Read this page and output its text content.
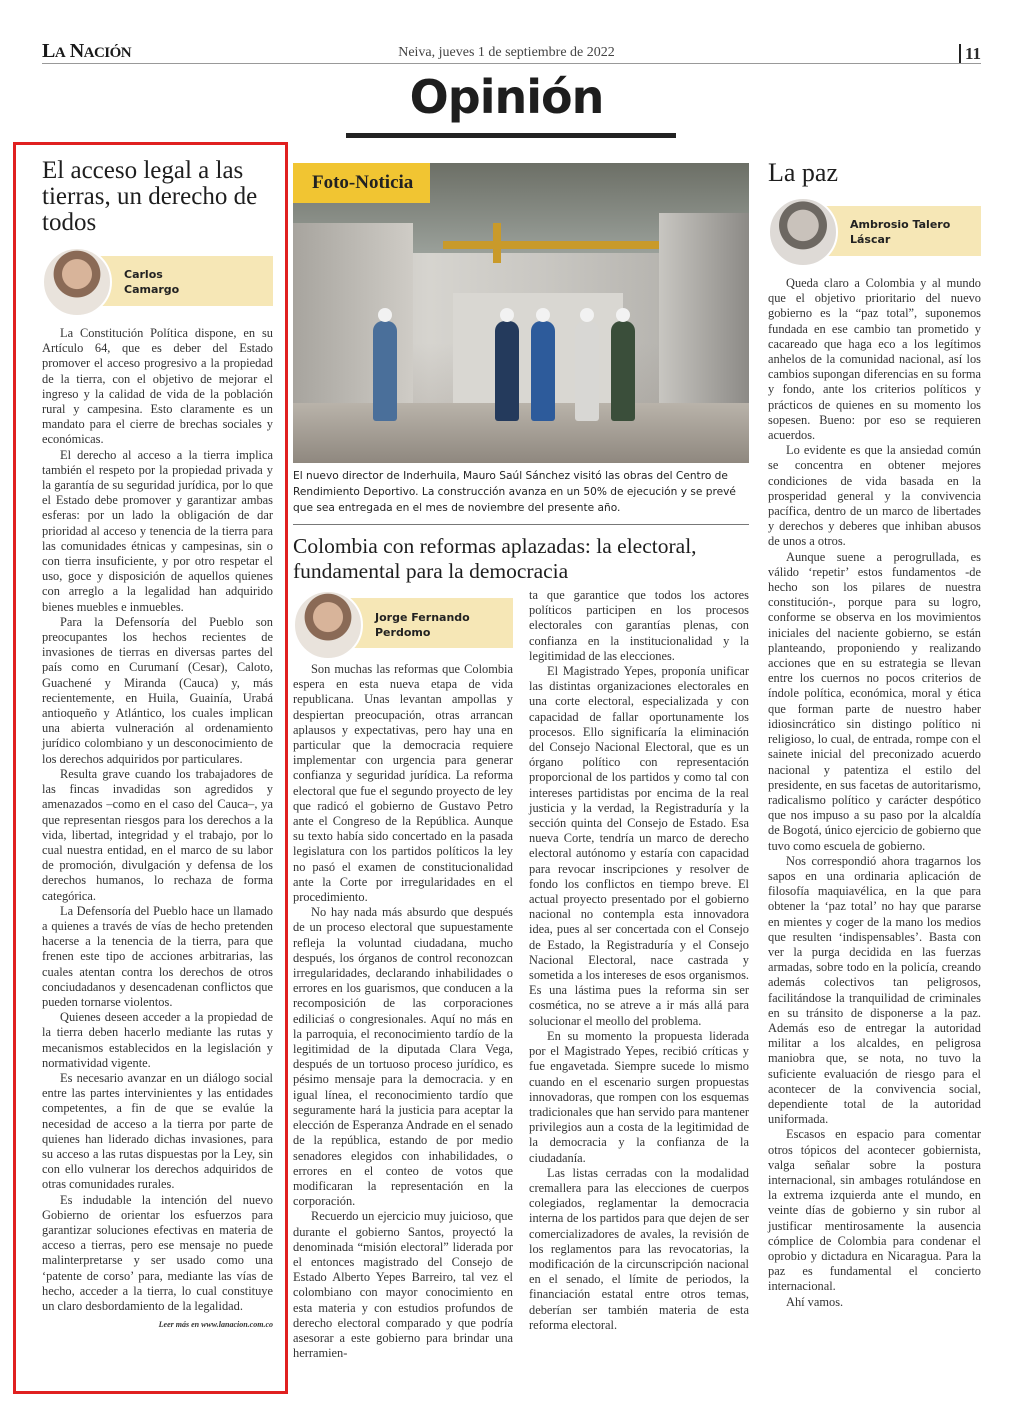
LA NACIÓN	Neiva, jueves 1 de septiembre de 2022	11
Opinión
El acceso legal a las tierras, un derecho de todos
Carlos
Camargo

La Constitución Política dispone, en su Artículo 64, que es deber del Estado promover el acceso progresivo a la propiedad de la tierra, con el objetivo de mejorar el ingreso y la calidad de vida de la población rural y campesina. Esto claramente es un mandato para el cierre de brechas sociales y económicas.

El derecho al acceso a la tierra implica también el respeto por la propiedad privada y la garantía de su seguridad jurídica, por lo que el Estado debe promover y garantizar ambas esferas: por un lado la obligación de dar prioridad al acceso y tenencia de la tierra para las comunidades étnicas y campesinas, sin o con tierra insuficiente, y por otro respetar el uso, goce y disposición de aquellos quienes con arreglo a la legalidad han adquirido bienes muebles e inmuebles.

Para la Defensoría del Pueblo son preocupantes los hechos recientes de invasiones de tierras en diversas partes del país como en Curumaní (Cesar), Caloto, Guachené y Miranda (Cauca) y, más recientemente, en Huila, Guainía, Urabá antioqueño y Atlántico, los cuales implican una abierta vulneración al ordenamiento jurídico colombiano y un desconocimiento de los derechos adquiridos por particulares.

Resulta grave cuando los trabajadores de las fincas invadidas son agredidos y amenazados –como en el caso del Cauca–, ya que representan riesgos para los derechos a la vida, libertad, integridad y el trabajo, por lo cual nuestra entidad, en el marco de su labor de promoción, divulgación y defensa de los derechos humanos, lo rechaza de forma categórica.

La Defensoría del Pueblo hace un llamado a quienes a través de vías de hecho pretenden hacerse a la tenencia de la tierra, para que frenen este tipo de acciones arbitrarias, las cuales atentan contra los derechos de otros conciudadanos y desencadenan conflictos que pueden tornarse violentos.

Quienes deseen acceder a la propiedad de la tierra deben hacerlo mediante las rutas y mecanismos establecidos en la legislación y normatividad vigente.

Es necesario avanzar en un diálogo social entre las partes intervinientes y las entidades competentes, a fin de que se evalúe la necesidad de acceso a la tierra por parte de quienes han liderado dichas invasiones, para su acceso a las rutas dispuestas por la Ley, sin con ello vulnerar los derechos adquiridos de otras comunidades rurales.

Es indudable la intención del nuevo Gobierno de orientar los esfuerzos para garantizar soluciones efectivas en materia de acceso a tierras, pero ese mensaje no puede malinterpretarse y ser usado como una ‘patente de corso’ para, mediante las vías de hecho, acceder a la tierra, lo cual constituye un claro desbordamiento de la legalidad.

Leer más en www.lanacion.com.co
Foto-Noticia
El nuevo director de Inderhuila, Mauro Saúl Sánchez visitó las obras del Centro de Rendimiento Deportivo. La construcción avanza en un 50% de ejecución y se prevé que sea entregada en el mes de noviembre del presente año.
Colombia con reformas aplazadas: la electoral, fundamental para la democracia
Jorge Fernando
Perdomo

Son muchas las reformas que Colombia espera en esta nueva etapa de vida republicana. Unas levantan ampollas y despiertan preocupación, otras arrancan aplausos y expectativas, pero hay una en particular que la democracia requiere implementar con urgencia para generar confianza y seguridad jurídica. La reforma electoral que fue el segundo proyecto de ley que radicó el gobierno de Gustavo Petro ante el Congreso de la República. Aunque su texto había sido concertado en la pasada legislatura con los partidos políticos la ley no pasó el examen de constitucionalidad ante la Corte por irregularidades en el procedimiento.

No hay nada más absurdo que después de un proceso electoral que supuestamente refleja la voluntad ciudadana, mucho después, los órganos de control reconozcan irregularidades, declarando inhabilidades o errores en los guarismos, que conducen a la recomposición de las corporaciones ediliciaś o congresionales. Aquí no más en la parroquia, el reconocimiento tardío de la legitimidad de la diputada Clara Vega, después de un tortuoso proceso jurídico, es pésimo mensaje para la democracia. y en igual línea, el reconocimiento tardío que seguramente hará la justicia para aceptar la elección de Esperanza Andrade en el senado de la república, estando de por medio senadores elegidos con inhabilidades, o errores en el conteo de votos que modificaran la representación en la corporación.

Recuerdo un ejercicio muy juicioso, que durante el gobierno Santos, proyectó la denominada “misión electoral” liderada por el entonces magistrado del Consejo de Estado Alberto Yepes Barreiro, tal vez el colombiano con mayor conocimiento en esta materia y con estudios profundos de derecho electoral comparado y que podría asesorar a este gobierno para brindar una herramien-

ta que garantice que todos los actores políticos participen en los procesos electorales con garantías plenas, con confianza en la institucionalidad y la legitimidad de las elecciones.

El Magistrado Yepes, proponía unificar las distintas organizaciones electorales en una corte electoral, especializada y con capacidad de fallar oportunamente los procesos. Ello significaría la eliminación del Consejo Nacional Electoral, que es un órgano político con representación proporcional de los partidos y como tal con intereses partidistas por encima de la real justicia y la verdad, la Registraduría y la sección quinta del Consejo de Estado. Esa nueva Corte, tendría un marco de derecho electoral autónomo y estaría con capacidad para revocar inscripciones y resolver de fondo los conflictos en tiempo breve. El actual proyecto presentado por el gobierno nacional no contempla esta innovadora idea, pues al ser concertada con el Consejo de Estado, la Registraduría y el Consejo Nacional Electoral, nace castrada y sometida a los intereses de esos organismos. Es una lástima pues la reforma sin ser cosmética, no se atreve a ir más allá para solucionar el meollo del problema.

En su momento la propuesta liderada por el Magistrado Yepes, recibió críticas y fue engavetada. Siempre sucede lo mismo cuando en el escenario surgen propuestas innovadoras, que rompen con los esquemas tradicionales que han servido para mantener privilegios aun a costa de la legitimidad de la democracia y la confianza de la ciudadanía.

Las listas cerradas con la modalidad cremallera para las elecciones de cuerpos colegiados, reglamentar la democracia interna de los partidos para que dejen de ser comercializadores de avales, la revisión de los reglamentos para las revocatorias, la modificación de la circunscripción nacional en el senado, el límite de periodos, la financiación estatal entre otros temas, deberían ser también materia de esta reforma electoral.

La paz
Ambrosio Talero
Láscar

Queda claro a Colombia y al mundo que el objetivo prioritario del nuevo gobierno es la “paz total”, suponemos fundada en ese cambio tan prometido y cacareado que haga eco a los legítimos anhelos de la comunidad nacional, así los cambios supongan diferencias en su forma y fondo, ante los criterios políticos y prácticos de quienes en su momento los sopesen. Bueno: por eso se requieren acuerdos.

Lo evidente es que la ansiedad común se concentra en obtener mejores condiciones de vida basada en la prosperidad general y la convivencia pacífica, dentro de un marco de libertades y derechos y deberes que inhiban abusos de unos a otros.

Aunque suene a perogrullada, es válido ‘repetir’ estos fundamentos -de hecho son los pilares de nuestra constitución-, porque para su logro, conforme se observa en los movimientos iniciales del naciente gobierno, se están planteando, proponiendo y realizando acciones que en su estrategia se llevan entre los cuernos no pocos criterios de índole política, económica, moral y ética que forman parte de nuestro haber idiosincrático sin distingo político ni religioso, lo cual, de entrada, rompe con el sainete inicial del preconizado acuerdo nacional y patentiza el estilo del presidente, en sus facetas de autoritarismo, radicalismo político y carácter despótico que nos impuso a su paso por la alcaldía de Bogotá, único ejercicio de gobierno que tuvo como escuela de gobierno.

Nos correspondió ahora tragarnos los sapos en una ordinaria aplicación de filosofía maquiavélica, en la que para obtener la ‘paz total’ no hay que pararse en mientes y coger de la mano los medios que resulten ‘indispensables’. Basta con ver la purga decidida en las fuerzas armadas, sobre todo en la policía, creando además colectivos tan peligrosos, facilitándose la tranquilidad de criminales en su tránsito de disponerse a la paz. Además eso de entregar la autoridad militar a los alcaldes, en peligrosa maniobra que, se nota, no tuvo la suficiente evaluación de riesgo para el acontecer de la convivencia social, dependiente total de la autoridad uniformada.

Escasos en espacio para comentar otros tópicos del acontecer gobiernista, valga señalar sobre la postura internacional, sin ambages rotulándose en la extrema izquierda ante el mundo, en veinte días de gobierno y sin rubor al justificar mentirosamente la ausencia cómplice de Colombia para condenar el oprobio y dictadura en Nicaragua. Para la paz es fundamental el concierto internacional.

Ahí vamos.
